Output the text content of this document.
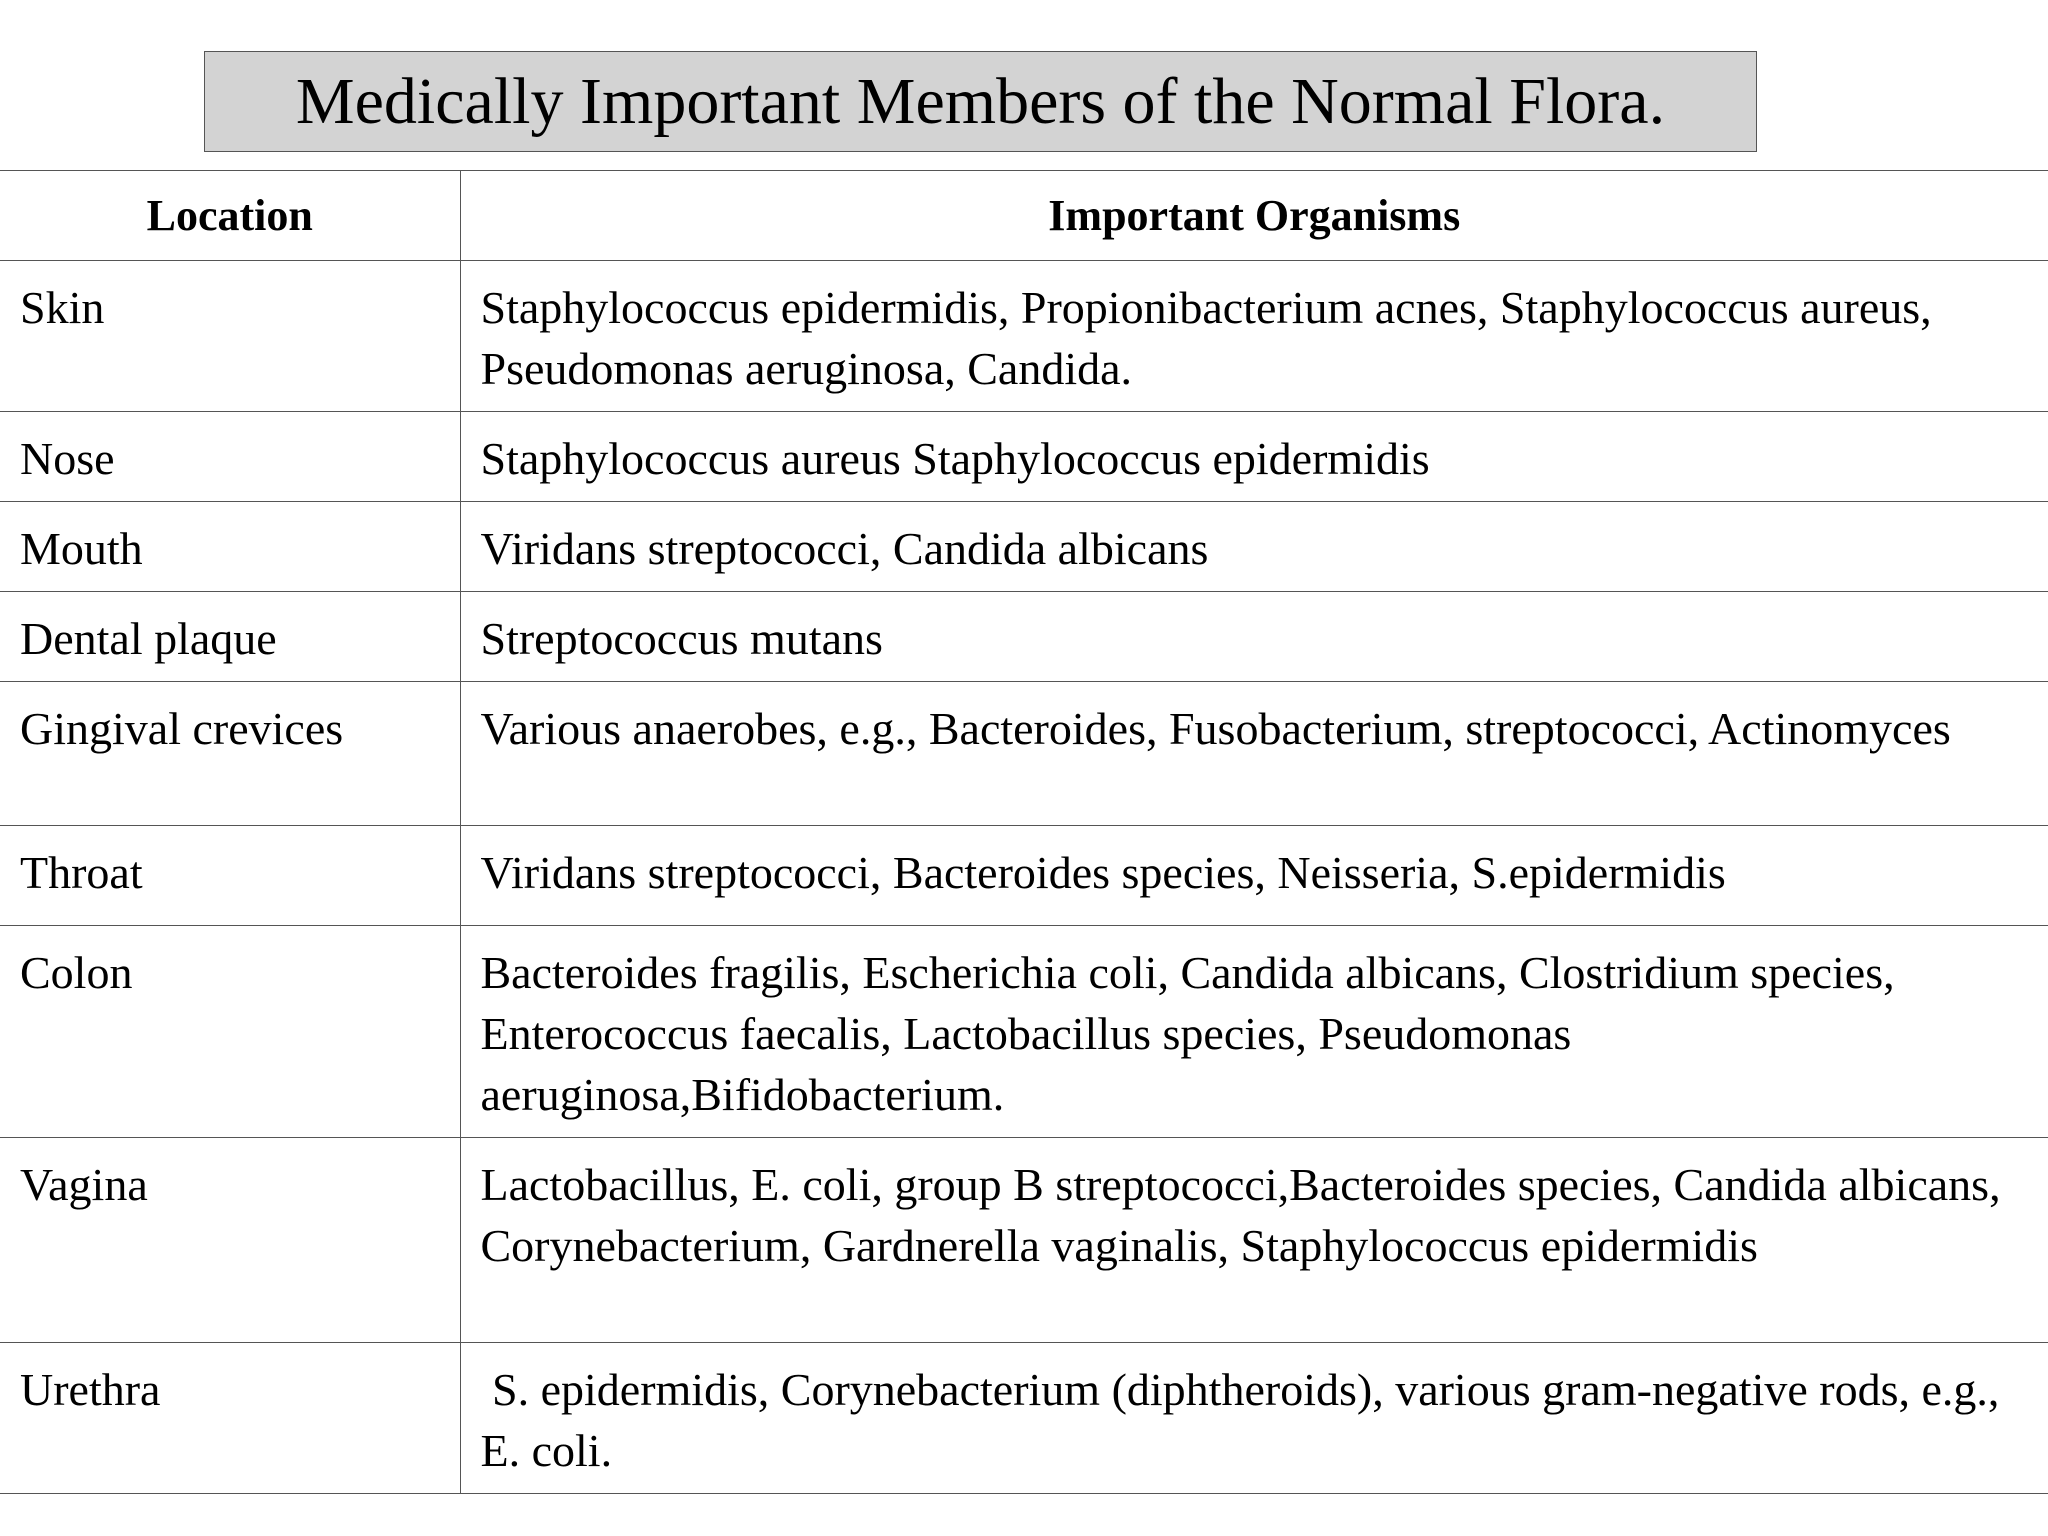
Medically Important Members of the Normal Flora.
Location	Important Organisms
Skin	Staphylococcus epidermidis, Propionibacterium acnes, Staphylococcus aureus, Pseudomonas aeruginosa, Candida.
Nose	Staphylococcus aureus Staphylococcus epidermidis
Mouth	Viridans streptococci, Candida albicans
Dental plaque	Streptococcus mutans
Gingival crevices	Various anaerobes, e.g., Bacteroides, Fusobacterium, streptococci, Actinomyces
Throat	Viridans streptococci, Bacteroides species, Neisseria, S.epidermidis
Colon	Bacteroides fragilis, Escherichia coli, Candida albicans, Clostridium species, Enterococcus faecalis, Lactobacillus species, Pseudomonas aeruginosa,Bifidobacterium.
Vagina	Lactobacillus, E. coli, group B streptococci,Bacteroides species, Candida albicans, Corynebacterium, Gardnerella vaginalis, Staphylococcus epidermidis
Urethra	S. epidermidis, Corynebacterium (diphtheroids), various gram-negative rods, e.g., E. coli.
